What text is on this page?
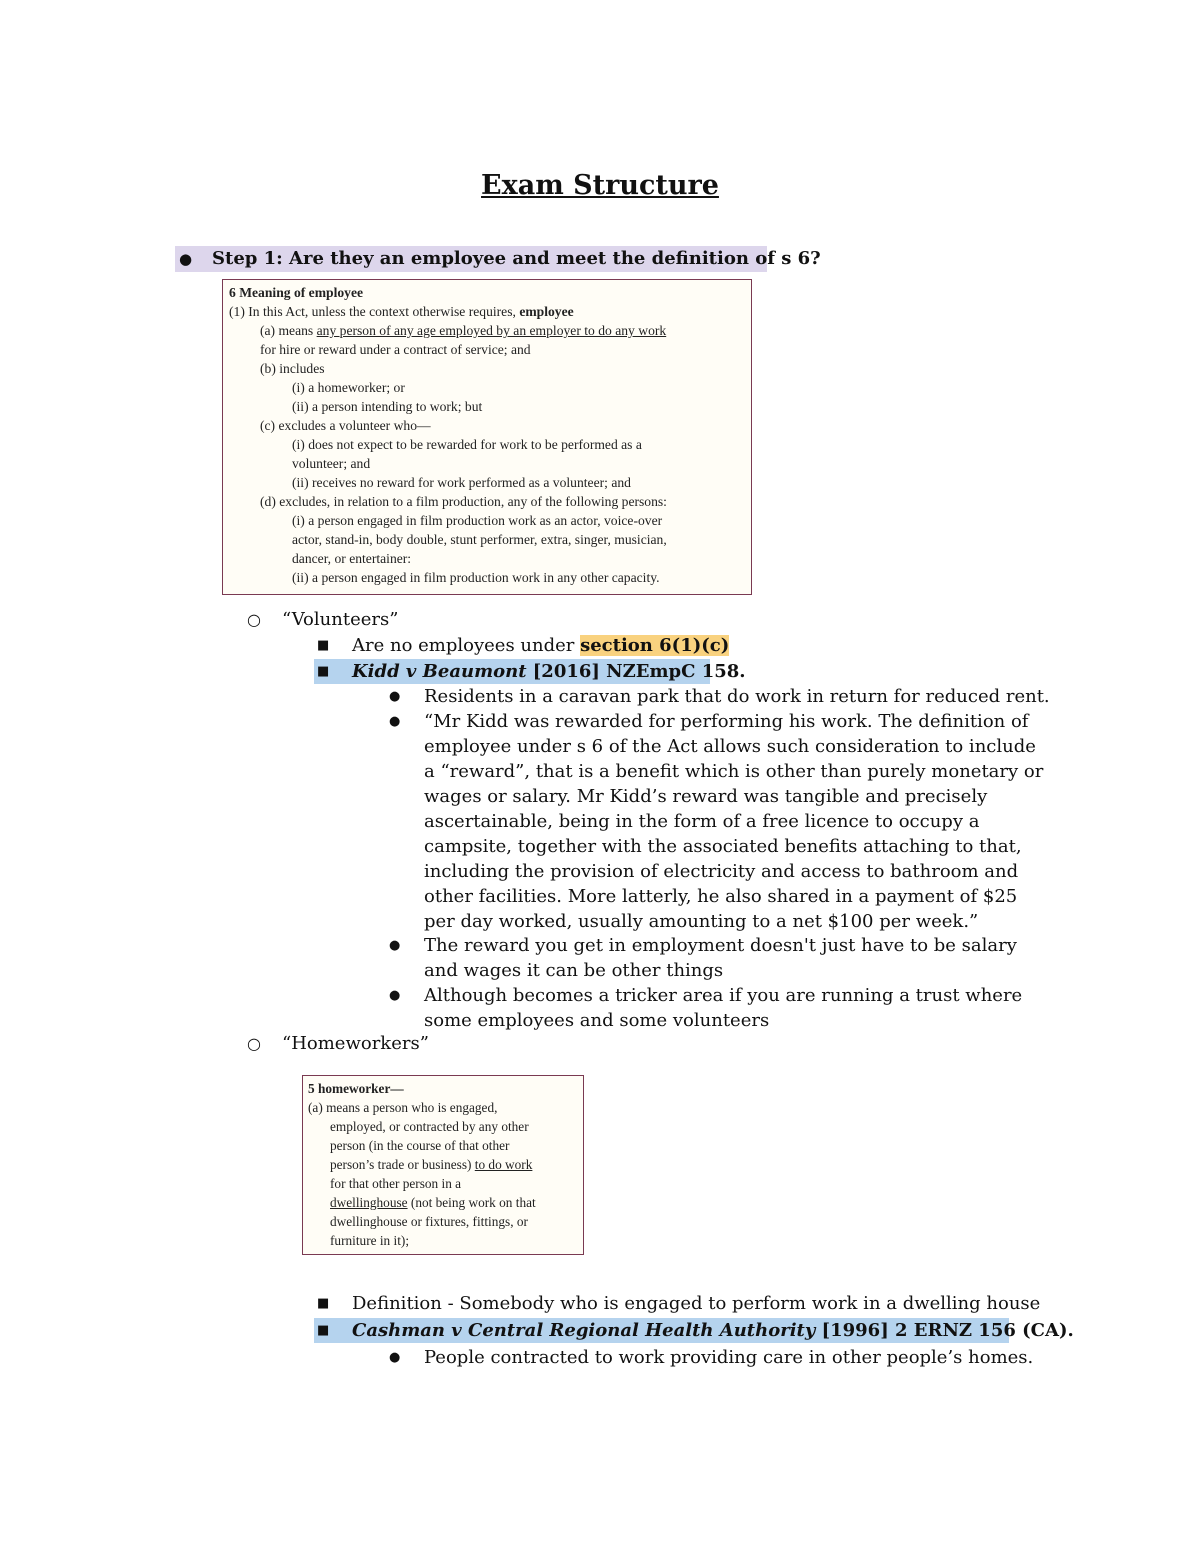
Exam Structure
● Step 1: Are they an employee and meet the definition of s 6?
6 Meaning of employee
(1) In this Act, unless the context otherwise requires, employee
(a) means any person of any age employed by an employer to do any work
for hire or reward under a contract of service; and
(b) includes
(i) a homeworker; or
(ii) a person intending to work; but
(c) excludes a volunteer who—
(i) does not expect to be rewarded for work to be performed as a
volunteer; and
(ii) receives no reward for work performed as a volunteer; and
(d) excludes, in relation to a film production, any of the following persons:
(i) a person engaged in film production work as an actor, voice-over
actor, stand-in, body double, stunt performer, extra, singer, musician,
dancer, or entertainer:
(ii) a person engaged in film production work in any other capacity.
○ “Volunteers”
■ Are no employees under section 6(1)(c)
■	Kidd v Beaumont [2016] NZEmpC 158.
● Residents in a caravan park that do work in return for reduced rent.
● “Mr Kidd was rewarded for performing his work. The definition of employee under s 6 of the Act allows such consideration to include a “reward”, that is a benefit which is other than purely monetary or wages or salary. Mr Kidd’s reward was tangible and precisely ascertainable, being in the form of a free licence to occupy a campsite, together with the associated benefits attaching to that, including the provision of electricity and access to bathroom and other facilities. More latterly, he also shared in a payment of $25 per day worked, usually amounting to a net $100 per week.”
● The reward you get in employment doesn't just have to be salary and wages it can be other things
● Although becomes a tricker area if you are running a trust where some employees and some volunteers
○ “Homeworkers”
5 homeworker—
(a) means a person who is engaged,
employed, or contracted by any other
person (in the course of that other
person’s trade or business) to do work
for that other person in a
dwellinghouse (not being work on that
dwellinghouse or fixtures, fittings, or
furniture in it);
■ Definition - Somebody who is engaged to perform work in a dwelling house
■	Cashman v Central Regional Health Authority [1996] 2 ERNZ 156 (CA).
● People contracted to work providing care in other people’s homes.
